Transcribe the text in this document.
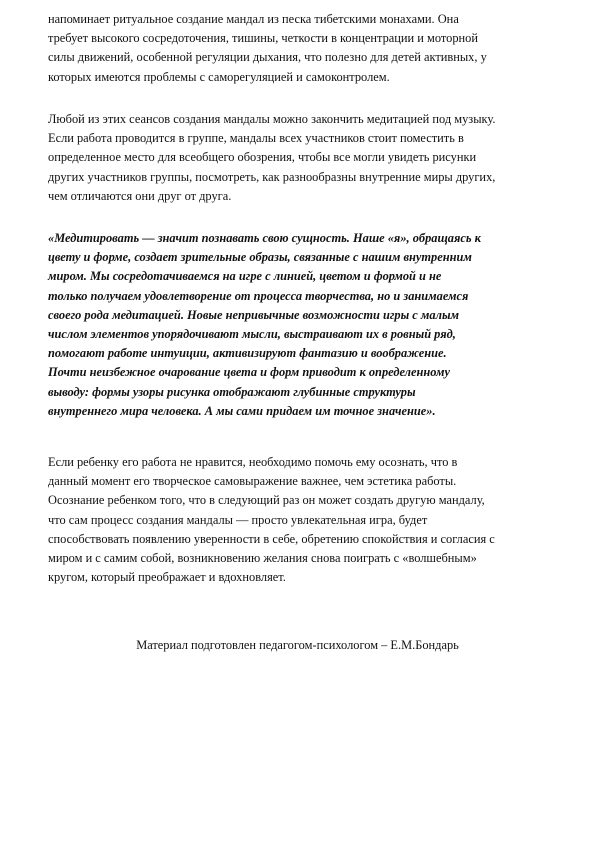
напоминает ритуальное создание мандал из песка тибетскими монахами. Она
требует высокого сосредоточения, тишины, четкости в концентрации и моторной
силы движений, особенной регуляции дыхания, что полезно для детей активных, у
которых имеются проблемы с саморегуляцией и самоконтролем.

Любой из этих сеансов создания мандалы можно закончить медитацией под музыку.
Если работа проводится в группе, мандалы всех участников стоит поместить в
определенное место для всеобщего обозрения, чтобы все могли увидеть рисунки
других участников группы, посмотреть, как разнообразны внутренние миры других,
чем отличаются они друг от друга.

«Медитировать — значит познавать свою сущность. Наше «я», обращаясь к
цвету и форме, создает зрительные образы, связанные с нашим внутренним
миром. Мы сосредотачиваемся на игре с линией, цветом и формой и не
только получаем удовлетворение от процесса творчества, но и занимаемся
своего рода медитацией. Новые непривычные возможности игры с малым
числом элементов упорядочивают мысли, выстраивают их в ровный ряд,
помогают работе интуиции, активизируют фантазию и воображение.
Почти неизбежное очарование цвета и форм приводит к определенному
выводу: формы узоры рисунка отображают глубинные структуры
внутреннего мира человека. А мы сами придаем им точное значение».

Если ребенку его работа не нравится, необходимо помочь ему осознать, что в
данный момент его творческое самовыражение важнее, чем эстетика работы.
Осознание ребенком того, что в следующий раз он может создать другую мандалу,
что сам процесс создания мандалы — просто увлекательная игра, будет
способствовать появлению уверенности в себе, обретению спокойствия и согласия с
миром и с самим собой, возникновению желания снова поиграть с «волшебным»
кругом, который преображает и вдохновляет.

Материал подготовлен педагогом-психологом – Е.М.Бондарь
